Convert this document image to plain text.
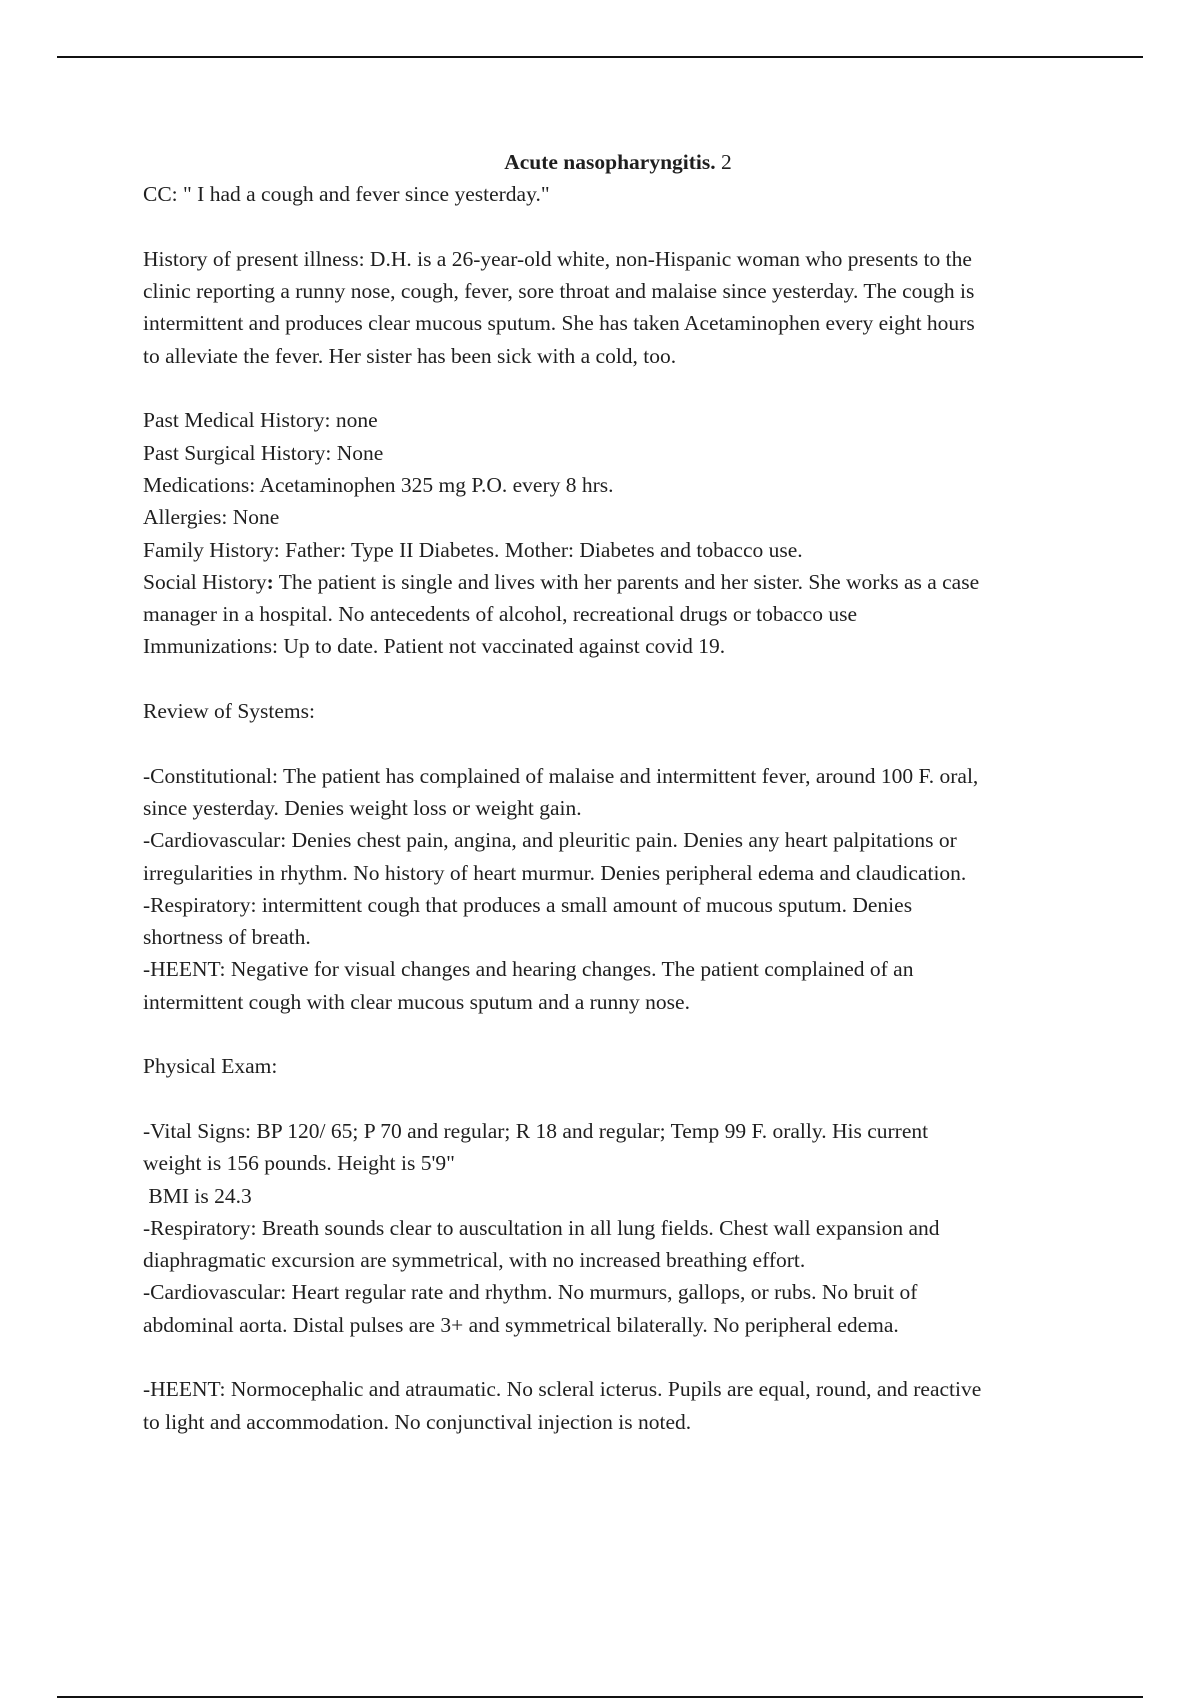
Acute nasopharyngitis. 2

CC: " I had a cough and fever since yesterday."

History of present illness: D.H. is a 26-year-old white, non-Hispanic woman who presents to the

clinic reporting a runny nose, cough, fever, sore throat and malaise since yesterday. The cough is

intermittent and produces clear mucous sputum. She has taken Acetaminophen every eight hours

to alleviate the fever. Her sister has been sick with a cold, too.

Past Medical History: none

Past Surgical History: None

Medications: Acetaminophen 325 mg P.O. every 8 hrs.

Allergies: None

Family History: Father: Type II Diabetes. Mother: Diabetes and tobacco use.

Social History: The patient is single and lives with her parents and her sister. She works as a case

manager in a hospital. No antecedents of alcohol, recreational drugs or tobacco use

Immunizations: Up to date. Patient not vaccinated against covid 19.

Review of Systems:

-Constitutional: The patient has complained of malaise and intermittent fever, around 100 F. oral,

since yesterday. Denies weight loss or weight gain.

-Cardiovascular: Denies chest pain, angina, and pleuritic pain. Denies any heart palpitations or

irregularities in rhythm. No history of heart murmur. Denies peripheral edema and claudication.

-Respiratory: intermittent cough that produces a small amount of mucous sputum. Denies

shortness of breath.

-HEENT: Negative for visual changes and hearing changes. The patient complained of an

intermittent cough with clear mucous sputum and a runny nose.

Physical Exam:

-Vital Signs: BP 120/ 65; P 70 and regular; R 18 and regular; Temp 99 F. orally. His current

weight is 156 pounds. Height is 5'9"

BMI is 24.3

-Respiratory: Breath sounds clear to auscultation in all lung fields. Chest wall expansion and

diaphragmatic excursion are symmetrical, with no increased breathing effort.

-Cardiovascular: Heart regular rate and rhythm. No murmurs, gallops, or rubs. No bruit of

abdominal aorta. Distal pulses are 3+ and symmetrical bilaterally. No peripheral edema.

-HEENT: Normocephalic and atraumatic. No scleral icterus. Pupils are equal, round, and reactive

to light and accommodation. No conjunctival injection is noted.
